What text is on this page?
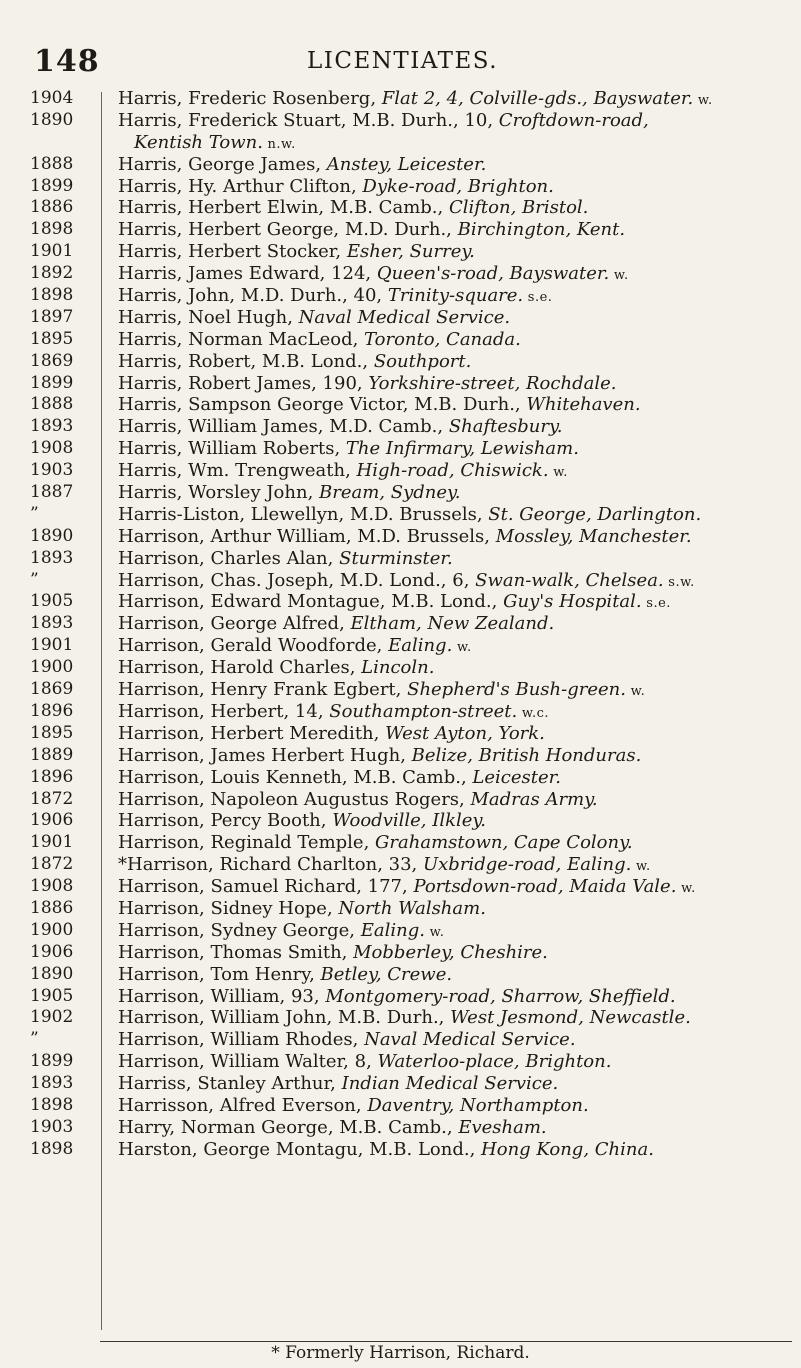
148	LICENTIATES.
1904	Harris, Frederic Rosenberg, Flat 2, 4, Colville-gds., Bayswater. w.
1890	Harris, Frederick Stuart, M.B. Durh., 10, Croftdown-road,
Kentish Town. n.w.
1888	Harris, George James, Anstey, Leicester.
1899	Harris, Hy. Arthur Clifton, Dyke-road, Brighton.
1886	Harris, Herbert Elwin, M.B. Camb., Clifton, Bristol.
1898	Harris, Herbert George, M.D. Durh., Birchington, Kent.
1901	Harris, Herbert Stocker, Esher, Surrey.
1892	Harris, James Edward, 124, Queen's-road, Bayswater. w.
1898	Harris, John, M.D. Durh., 40, Trinity-square. s.e.
1897	Harris, Noel Hugh, Naval Medical Service.
1895	Harris, Norman MacLeod, Toronto, Canada.
1869	Harris, Robert, M.B. Lond., Southport.
1899	Harris, Robert James, 190, Yorkshire-street, Rochdale.
1888	Harris, Sampson George Victor, M.B. Durh., Whitehaven.
1893	Harris, William James, M.D. Camb., Shaftesbury.
1908	Harris, William Roberts, The Infirmary, Lewisham.
1903	Harris, Wm. Trengweath, High-road, Chiswick. w.
1887	Harris, Worsley John, Bream, Sydney.
”	Harris-Liston, Llewellyn, M.D. Brussels, St. George, Darlington.
1890	Harrison, Arthur William, M.D. Brussels, Mossley, Manchester.
1893	Harrison, Charles Alan, Sturminster.
”	Harrison, Chas. Joseph, M.D. Lond., 6, Swan-walk, Chelsea. s.w.
1905	Harrison, Edward Montague, M.B. Lond., Guy's Hospital. s.e.
1893	Harrison, George Alfred, Eltham, New Zealand.
1901	Harrison, Gerald Woodforde, Ealing. w.
1900	Harrison, Harold Charles, Lincoln.
1869	Harrison, Henry Frank Egbert, Shepherd's Bush-green. w.
1896	Harrison, Herbert, 14, Southampton-street. w.c.
1895	Harrison, Herbert Meredith, West Ayton, York.
1889	Harrison, James Herbert Hugh, Belize, British Honduras.
1896	Harrison, Louis Kenneth, M.B. Camb., Leicester.
1872	Harrison, Napoleon Augustus Rogers, Madras Army.
1906	Harrison, Percy Booth, Woodville, Ilkley.
1901	Harrison, Reginald Temple, Grahamstown, Cape Colony.
1872	*Harrison, Richard Charlton, 33, Uxbridge-road, Ealing. w.
1908	Harrison, Samuel Richard, 177, Portsdown-road, Maida Vale. w.
1886	Harrison, Sidney Hope, North Walsham.
1900	Harrison, Sydney George, Ealing. w.
1906	Harrison, Thomas Smith, Mobberley, Cheshire.
1890	Harrison, Tom Henry, Betley, Crewe.
1905	Harrison, William, 93, Montgomery-road, Sharrow, Sheffield.
1902	Harrison, William John, M.B. Durh., West Jesmond, Newcastle.
”	Harrison, William Rhodes, Naval Medical Service.
1899	Harrison, William Walter, 8, Waterloo-place, Brighton.
1893	Harriss, Stanley Arthur, Indian Medical Service.
1898	Harrisson, Alfred Everson, Daventry, Northampton.
1903	Harry, Norman George, M.B. Camb., Evesham.
1898	Harston, George Montagu, M.B. Lond., Hong Kong, China.
* Formerly Harrison, Richard.
